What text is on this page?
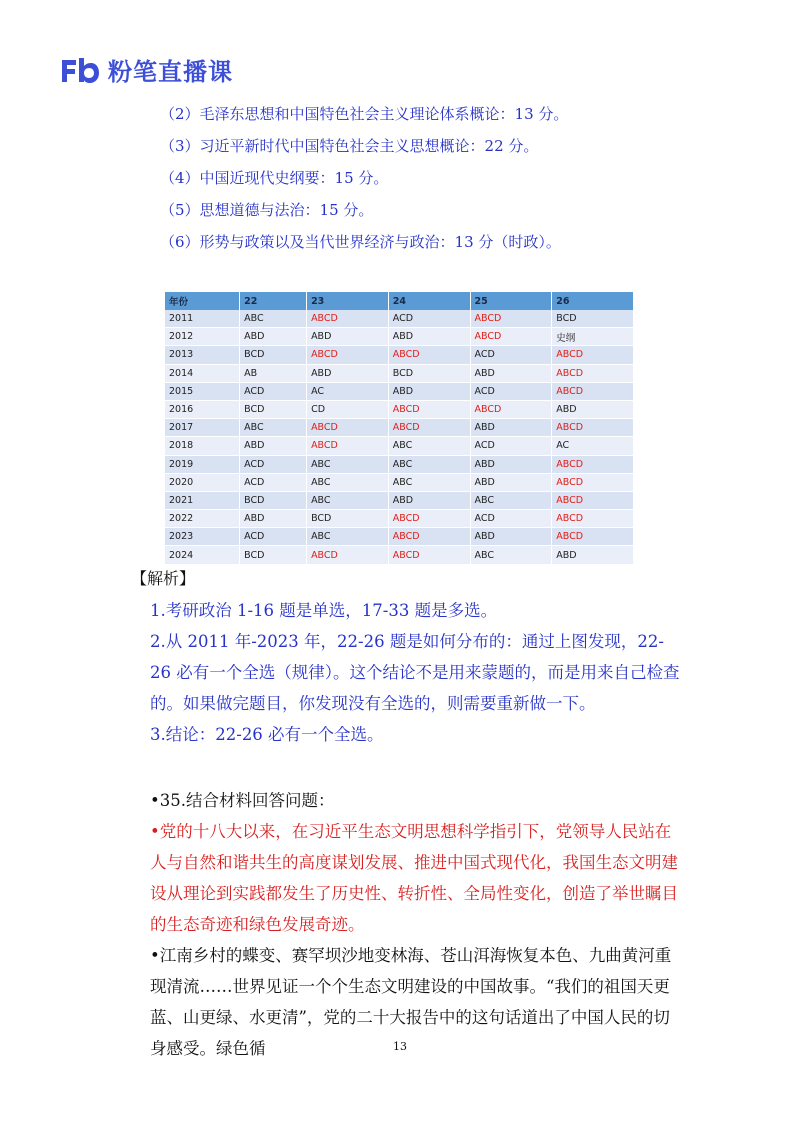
粉笔直播课
（2）毛泽东思想和中国特色社会主义理论体系概论：13 分。
（3）习近平新时代中国特色社会主义思想概论：22 分。
（4）中国近现代史纲要：15 分。
（5）思想道德与法治：15 分。
（6）形势与政策以及当代世界经济与政治：13 分（时政）。
年份	22	23	24	25	26
2011	ABC	ABCD	ACD	ABCD	BCD
2012	ABD	ABD	ABD	ABCD	史纲
2013	BCD	ABCD	ABCD	ACD	ABCD
2014	AB	ABD	BCD	ABD	ABCD
2015	ACD	AC	ABD	ACD	ABCD
2016	BCD	CD	ABCD	ABCD	ABD
2017	ABC	ABCD	ABCD	ABD	ABCD
2018	ABD	ABCD	ABC	ACD	AC
2019	ACD	ABC	ABC	ABD	ABCD
2020	ACD	ABC	ABC	ABD	ABCD
2021	BCD	ABC	ABD	ABC	ABCD
2022	ABD	BCD	ABCD	ACD	ABCD
2023	ACD	ABC	ABCD	ABD	ABCD
2024	BCD	ABCD	ABCD	ABC	ABD
【解析】
1.考研政治 1-16 题是单选，17-33 题是多选。
2.从 2011 年-2023 年，22-26 题是如何分布的：通过上图发现，22-26 必有一个全选（规律）。这个结论不是用来蒙题的，而是用来自己检查的。如果做完题目，你发现没有全选的，则需要重新做一下。
3.结论：22-26 必有一个全选。
•35.结合材料回答问题：
•党的十八大以来，在习近平生态文明思想科学指引下，党领导人民站在人与自然和谐共生的高度谋划发展、推进中国式现代化，我国生态文明建设从理论到实践都发生了历史性、转折性、全局性变化，创造了举世瞩目的生态奇迹和绿色发展奇迹。
•江南乡村的蝶变、赛罕坝沙地变林海、苍山洱海恢复本色、九曲黄河重现清流……世界见证一个个生态文明建设的中国故事。“我们的祖国天更蓝、山更绿、水更清”，党的二十大报告中的这句话道出了中国人民的切身感受。绿色循	13
